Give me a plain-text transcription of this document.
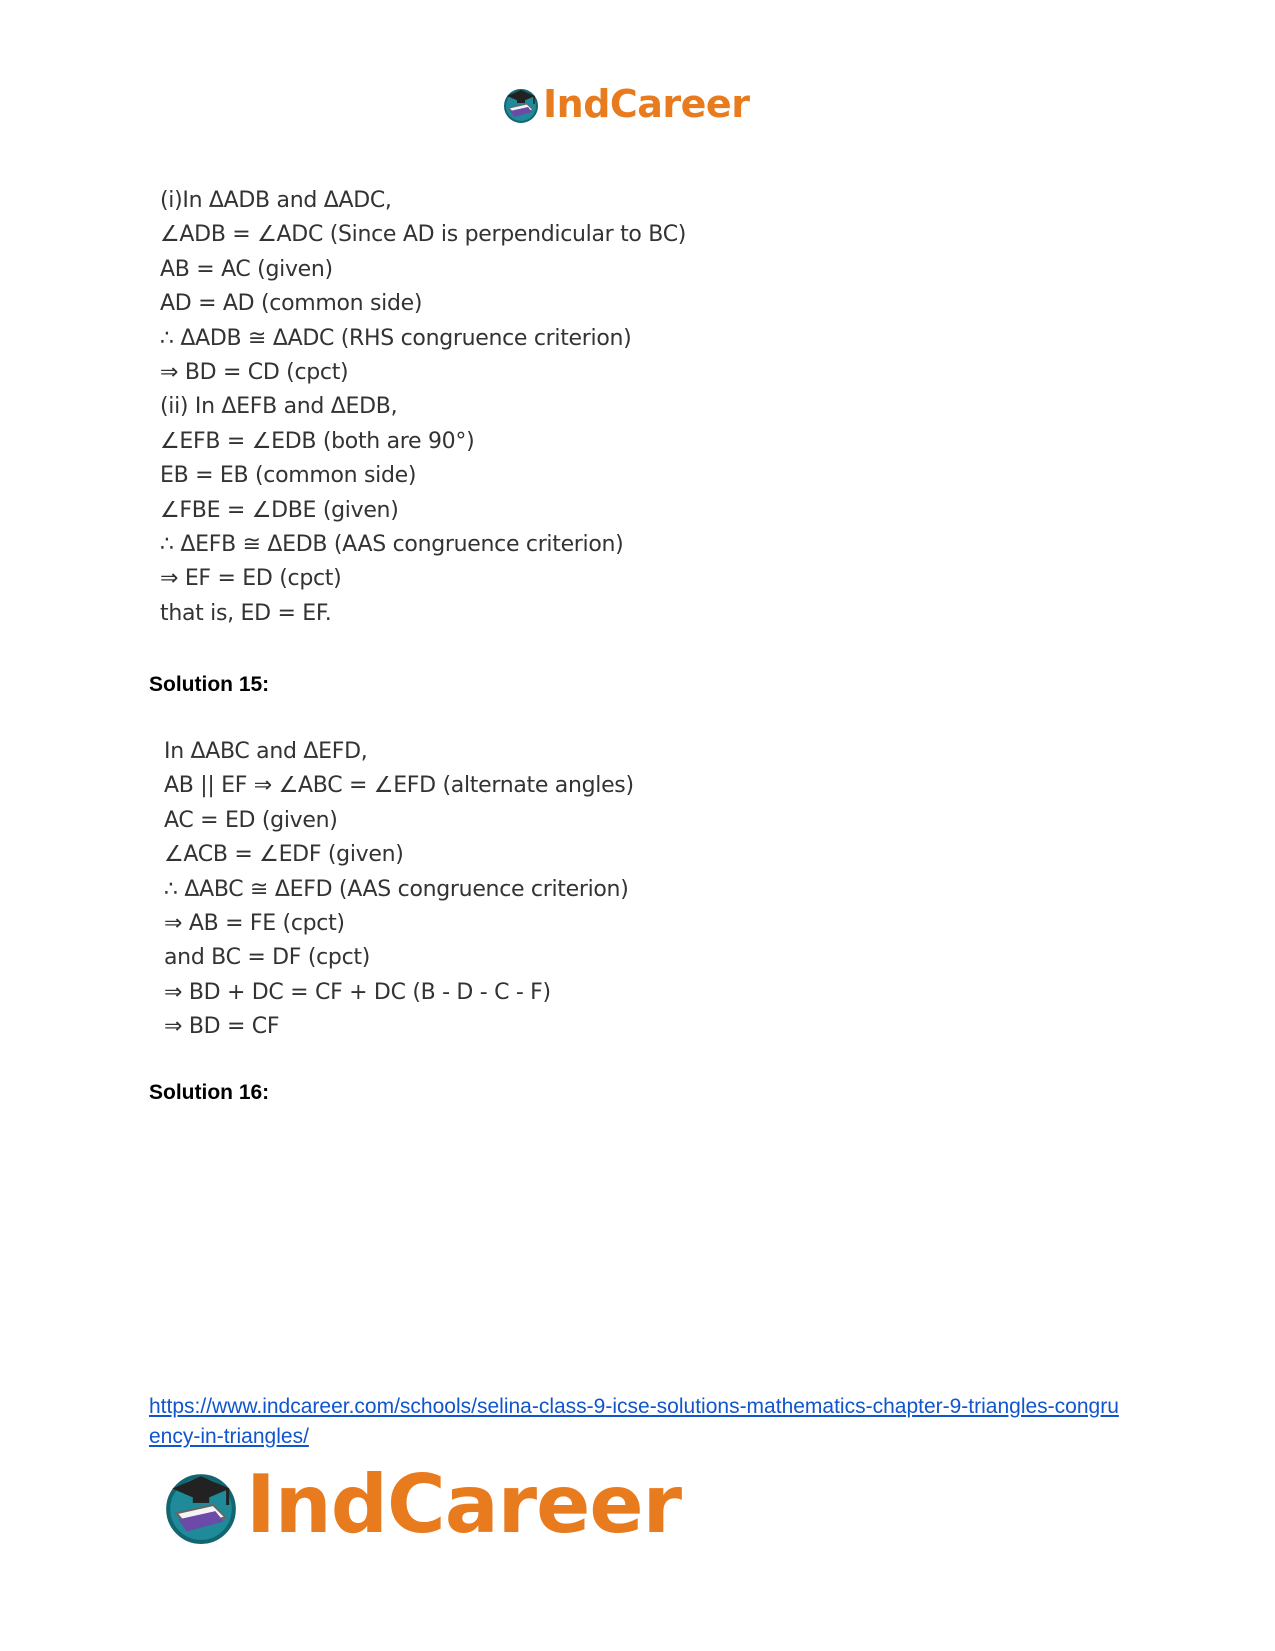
IndCareer
(i)In ΔADB and ΔADC,
∠ADB = ∠ADC (Since AD is perpendicular to BC)
AB = AC (given)
AD = AD (common side)
∴ ΔADB ≅ ΔADC (RHS congruence criterion)
⇒ BD = CD (cpct)
(ii) In ΔEFB and ΔEDB,
∠EFB = ∠EDB (both are 90°)
EB = EB (common side)
∠FBE = ∠DBE (given)
∴ ΔEFB ≅ ΔEDB (AAS congruence criterion)
⇒ EF = ED (cpct)
that is, ED = EF.
Solution 15:
In ΔABC and ΔEFD,
AB || EF ⇒ ∠ABC = ∠EFD (alternate angles)
AC = ED (given)
∠ACB = ∠EDF (given)
∴ ΔABC ≅ ΔEFD (AAS congruence criterion)
⇒ AB = FE (cpct)
and BC = DF (cpct)
⇒ BD + DC = CF + DC (B - D - C - F)
⇒ BD = CF
Solution 16:
https://www.indcareer.com/schools/selina-class-9-icse-solutions-mathematics-chapter-9-triangles-congruency-in-triangles/
IndCareer
